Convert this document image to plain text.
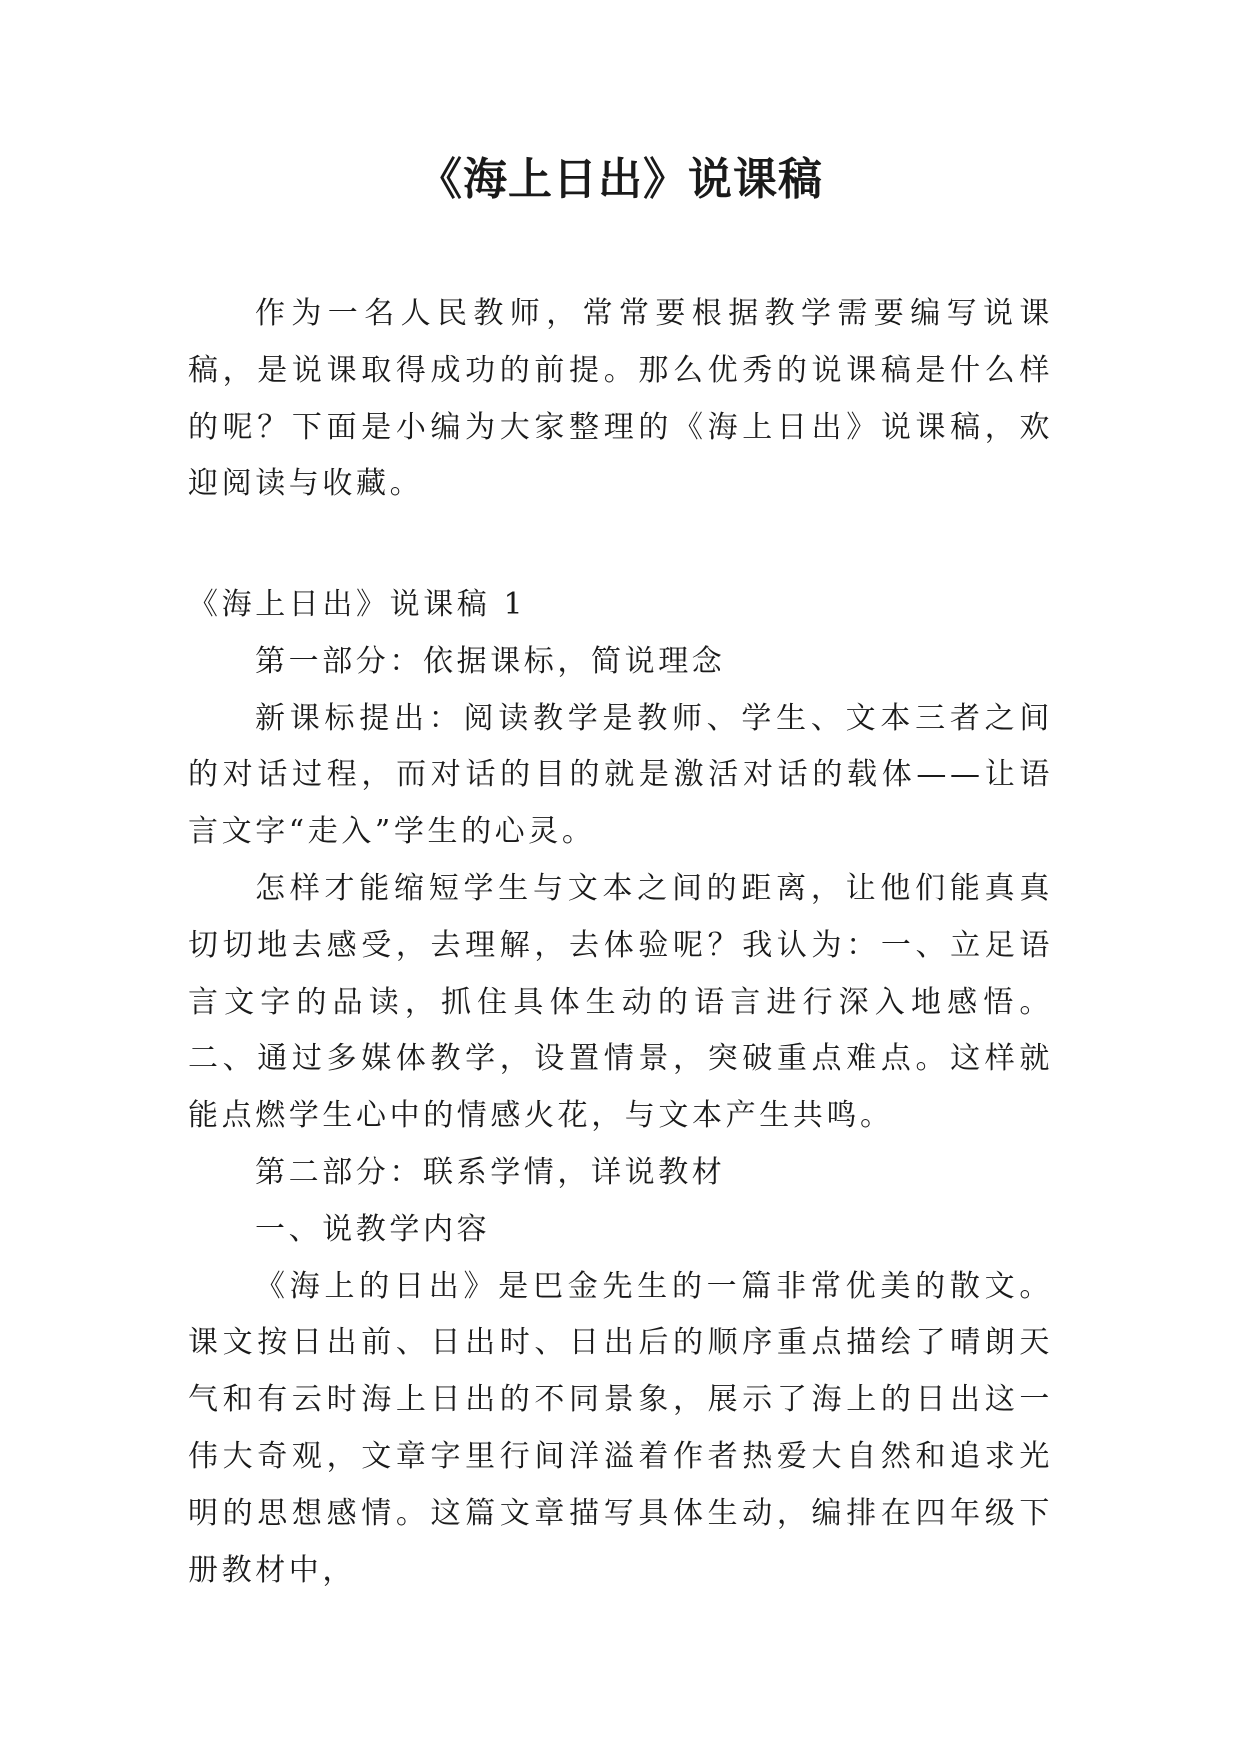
《海上日出》说课稿

作为一名人民教师，常常要根据教学需要编写说课稿，是说课取得成功的前提。那么优秀的说课稿是什么样的呢？下面是小编为大家整理的《海上日出》说课稿，欢迎阅读与收藏。

《海上日出》说课稿 1

第一部分：依据课标，简说理念

新课标提出：阅读教学是教师、学生、文本三者之间的对话过程，而对话的目的就是激活对话的载体——让语言文字“走入”学生的心灵。

怎样才能缩短学生与文本之间的距离，让他们能真真切切地去感受，去理解，去体验呢？我认为：一、立足语言文字的品读，抓住具体生动的语言进行深入地感悟。二、通过多媒体教学，设置情景，突破重点难点。这样就能点燃学生心中的情感火花，与文本产生共鸣。

第二部分：联系学情，详说教材

一、说教学内容

《海上的日出》是巴金先生的一篇非常优美的散文。课文按日出前、日出时、日出后的顺序重点描绘了晴朗天气和有云时海上日出的不同景象，展示了海上的日出这一伟大奇观，文章字里行间洋溢着作者热爱大自然和追求光明的思想感情。这篇文章描写具体生动，编排在四年级下册教材中，
